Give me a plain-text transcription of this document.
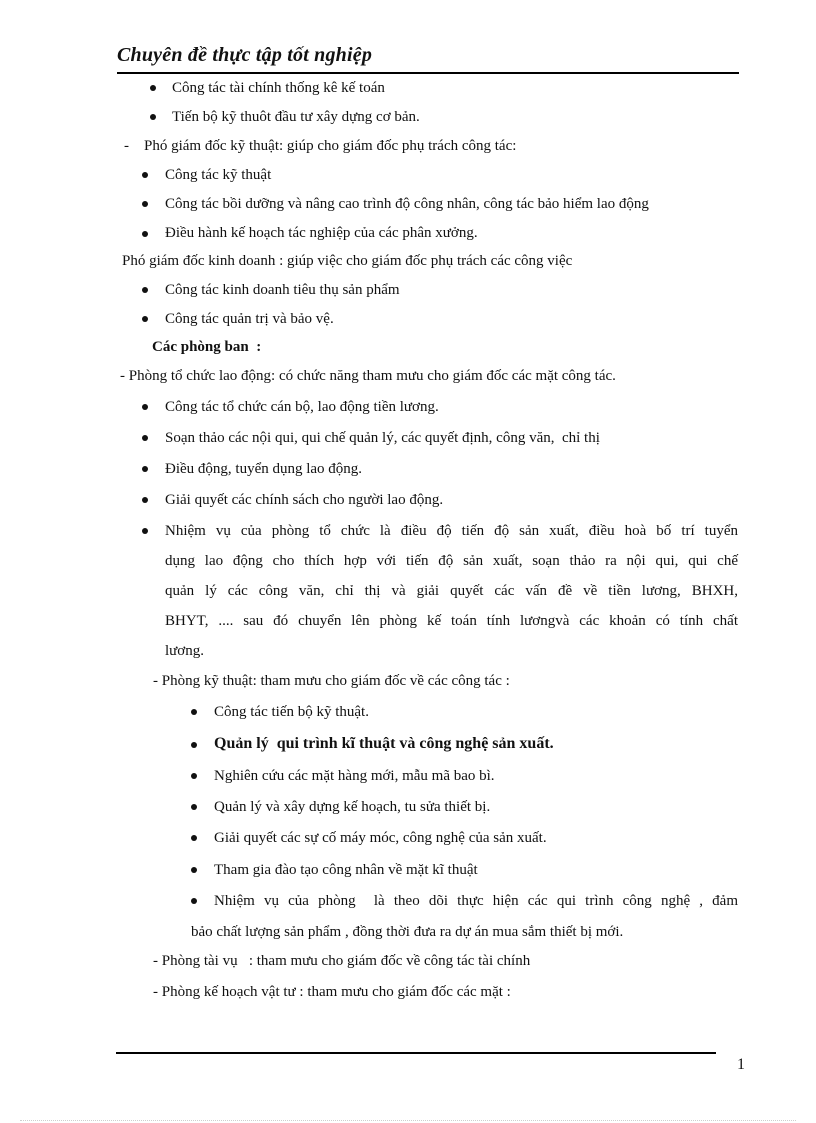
Chuyên đề thực tập tốt nghiệp
Công tác tài chính thống kê kế toán
Tiến bộ kỹ thuôt đầu tư xây dựng cơ bản.
-    Phó giám đốc kỹ thuật: giúp cho giám đốc phụ trách công tác:
Công tác kỹ thuật
Công tác bồi dưỡng và nâng cao trình độ công nhân, công tác bảo hiểm lao động
Điều hành kế hoạch tác nghiệp của các phân xưởng.
Phó giám đốc kinh doanh : giúp việc cho giám đốc phụ trách các công việc
Công tác kinh doanh tiêu thụ sản phẩm
Công tác quản trị và bảo vệ.
Các phòng ban  :
- Phòng tổ chức lao động: có chức năng tham mưu cho giám đốc các mặt công tác.
Công tác tổ chức cán bộ, lao động tiền lương.
Soạn thảo các nội qui, qui chế quản lý, các quyết định, công văn,  chỉ thị
Điều động, tuyển dụng lao động.
Giải quyết các chính sách cho người lao động.
Nhiệm vụ của phòng tổ chức là điều độ tiến độ sản xuất, điều hoà bố trí tuyển
dụng lao động cho thích hợp với tiến độ sản xuất, soạn thảo ra nội qui, qui chế
quản lý các công văn, chỉ thị và giải quyết các vấn đề về tiền lương, BHXH,
BHYT, .... sau đó chuyển lên phòng kế toán tính lươngvà các khoản có tính chất
lương.
- Phòng kỹ thuật: tham mưu cho giám đốc về các công tác :
Công tác tiến bộ kỹ thuật.
Quản lý  qui trình kĩ thuật và công nghệ sản xuất.
Nghiên cứu các mặt hàng mới, mẫu mã bao bì.
Quản lý và xây dựng kế hoạch, tu sửa thiết bị.
Giải quyết các sự cố máy móc, công nghệ của sản xuất.
Tham gia đào tạo công nhân về mặt kĩ thuật
Nhiệm vụ của phòng  là theo dõi thực hiện các qui trình công nghệ , đảm
bảo chất lượng sản phẩm , đồng thời đưa ra dự án mua sắm thiết bị mới.
- Phòng tài vụ   : tham mưu cho giám đốc về công tác tài chính
- Phòng kế hoạch vật tư : tham mưu cho giám đốc các mặt :
1
